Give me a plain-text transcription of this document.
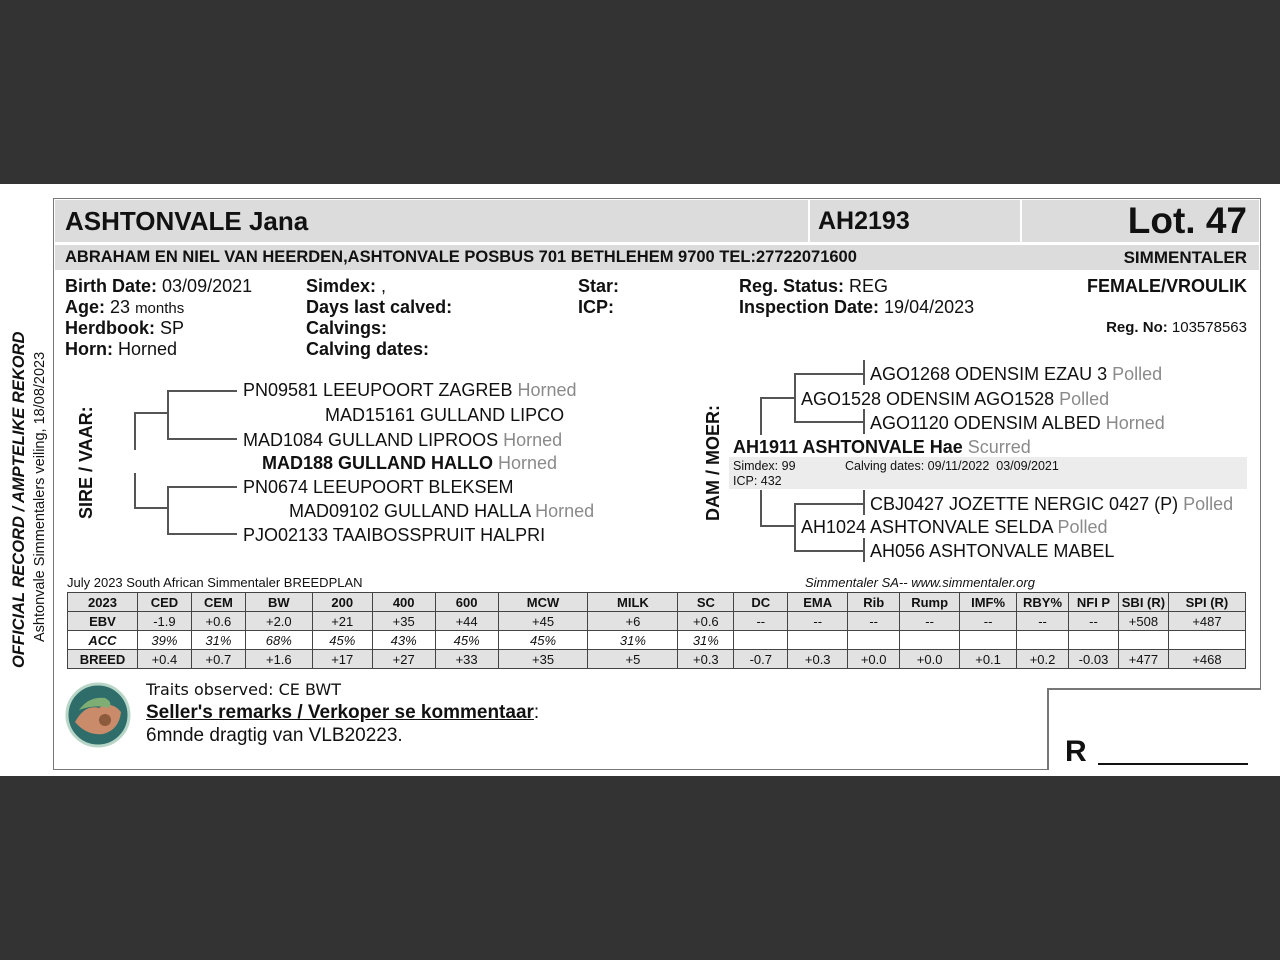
ASHTONVALE Jana	AH2193	Lot. 47
ABRAHAM EN NIEL VAN HEERDEN,ASHTONVALE POSBUS 701 BETHLEHEM 9700 TEL:27722071600	SIMMENTALER
OFFICIAL RECORD / AMPTELIKE REKORD Ashtonvale Simmentalers veiling, 18/08/2023
Birth Date: 03/09/2021
Age: 23 months
Herdbook: SP
Horn: Horned
Simdex: ,
Days last calved:
Calvings:
Calving dates:
Star:
ICP:
Reg. Status: REG
Inspection Date: 19/04/2023
FEMALE/VROULIK
Reg. No: 103578563
SIRE / VAAR:
PN09581 LEEUPOORT ZAGREB Horned
MAD15161 GULLAND LIPCO
MAD1084 GULLAND LIPROOS Horned
MAD188 GULLAND HALLO Horned
PN0674 LEEUPOORT BLEKSEM
MAD09102 GULLAND HALLA Horned
PJO02133 TAAIBOSSPRUIT HALPRI
DAM / MOER:
AGO1268 ODENSIM EZAU 3 Polled
AGO1528 ODENSIM AGO1528 Polled
AGO1120 ODENSIM ALBED Horned
AH1911 ASHTONVALE Hae Scurred
Simdex: 99
ICP: 432
Calving dates: 09/11/2022  03/09/2021
CBJ0427 JOZETTE NERGIC 0427 (P) Polled
AH1024 ASHTONVALE SELDA Polled
AH056 ASHTONVALE MABEL
July 2023 South African Simmentaler BREEDPLAN	Simmentaler SA-- www.simmentaler.org
2023	CED	CEM	BW	200	400	600	MCW	MILK	SC	DC	EMA	Rib	Rump	IMF%	RBY%	NFI P	SBI (R)	SPI (R)
EBV	-1.9	+0.6	+2.0	+21	+35	+44	+45	+6	+0.6	--	--	--	--	--	--	--	+508	+487
ACC	39%	31%	68%	45%	43%	45%	45%	31%	31%									
BREED	+0.4	+0.7	+1.6	+17	+27	+33	+35	+5	+0.3	-0.7	+0.3	+0.0	+0.0	+0.1	+0.2	-0.03	+477	+468
Traits observed: CE BWT
Seller's remarks / Verkoper se kommentaar:
6mnde dragtig van VLB20223.	R
